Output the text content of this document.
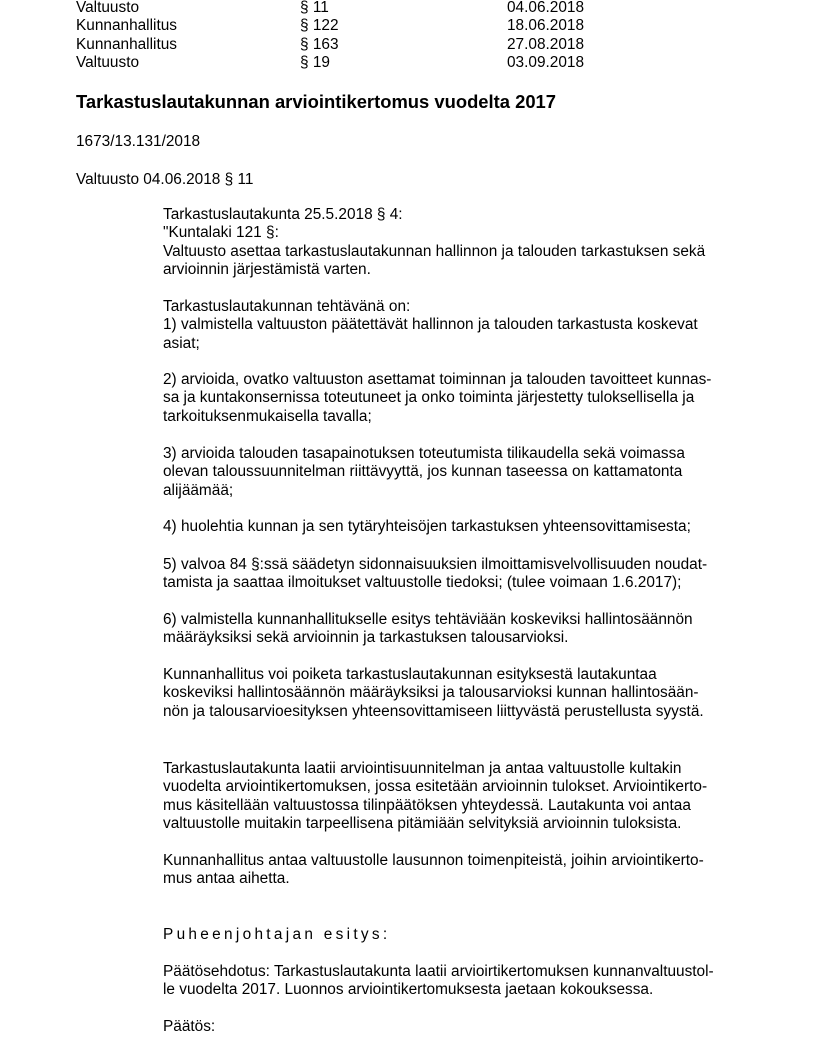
Valtuusto	§ 11	04.06.2018
Kunnanhallitus	§ 122	18.06.2018
Kunnanhallitus	§ 163	27.08.2018
Valtuusto	§ 19	03.09.2018
Tarkastuslautakunnan arviointikertomus vuodelta 2017
1673/13.131/2018
Valtuusto 04.06.2018 § 11
Tarkastuslautakunta 25.5.2018 § 4:
"Kuntalaki 121 §:
Valtuusto asettaa tarkastuslautakunnan hallinnon ja talouden tarkastuksen sekä
arvioinnin järjestämistä varten.
Tarkastuslautakunnan tehtävänä on:
1) valmistella valtuuston päätettävät hallinnon ja talouden tarkastusta koskevat
asiat;
2) arvioida, ovatko valtuuston asettamat toiminnan ja talouden tavoitteet kunnas-
sa ja kuntakonsernissa toteutuneet ja onko toiminta järjestetty tuloksellisella ja
tarkoituksenmukaisella tavalla;
3) arvioida talouden tasapainotuksen toteutumista tilikaudella sekä voimassa
olevan taloussuunnitelman riittävyyttä, jos kunnan taseessa on kattamatonta
alijäämää;
4) huolehtia kunnan ja sen tytäryhteisöjen tarkastuksen yhteensovittamisesta;
5) valvoa 84 §:ssä säädetyn sidonnaisuuksien ilmoittamisvelvollisuuden noudat-
tamista ja saattaa ilmoitukset valtuustolle tiedoksi; (tulee voimaan 1.6.2017);
6) valmistella kunnanhallitukselle esitys tehtäviään koskeviksi hallintosäännön
määräyksiksi sekä arvioinnin ja tarkastuksen talousarvioksi.
Kunnanhallitus voi poiketa tarkastuslautakunnan esityksestä lautakuntaa
koskeviksi hallintosäännön määräyksiksi ja talousarvioksi kunnan hallintosään-
nön ja talousarvioesityksen yhteensovittamiseen liittyvästä perustellusta syystä.
Tarkastuslautakunta laatii arviointisuunnitelman ja antaa valtuustolle kultakin
vuodelta arviointikertomuksen, jossa esitetään arvioinnin tulokset. Arviointikerto-
mus käsitellään valtuustossa tilinpäätöksen yhteydessä. Lautakunta voi antaa
valtuustolle muitakin tarpeellisena pitämiään selvityksiä arvioinnin tuloksista.
Kunnanhallitus antaa valtuustolle lausunnon toimenpiteistä, joihin arviointikerto-
mus antaa aihetta.
Puheenjohtajan esitys:
Päätösehdotus: Tarkastuslautakunta laatii arvioirtikertomuksen kunnanvaltuustol-
le vuodelta 2017. Luonnos arviointikertomuksesta jaetaan kokouksessa.
Päätös:
